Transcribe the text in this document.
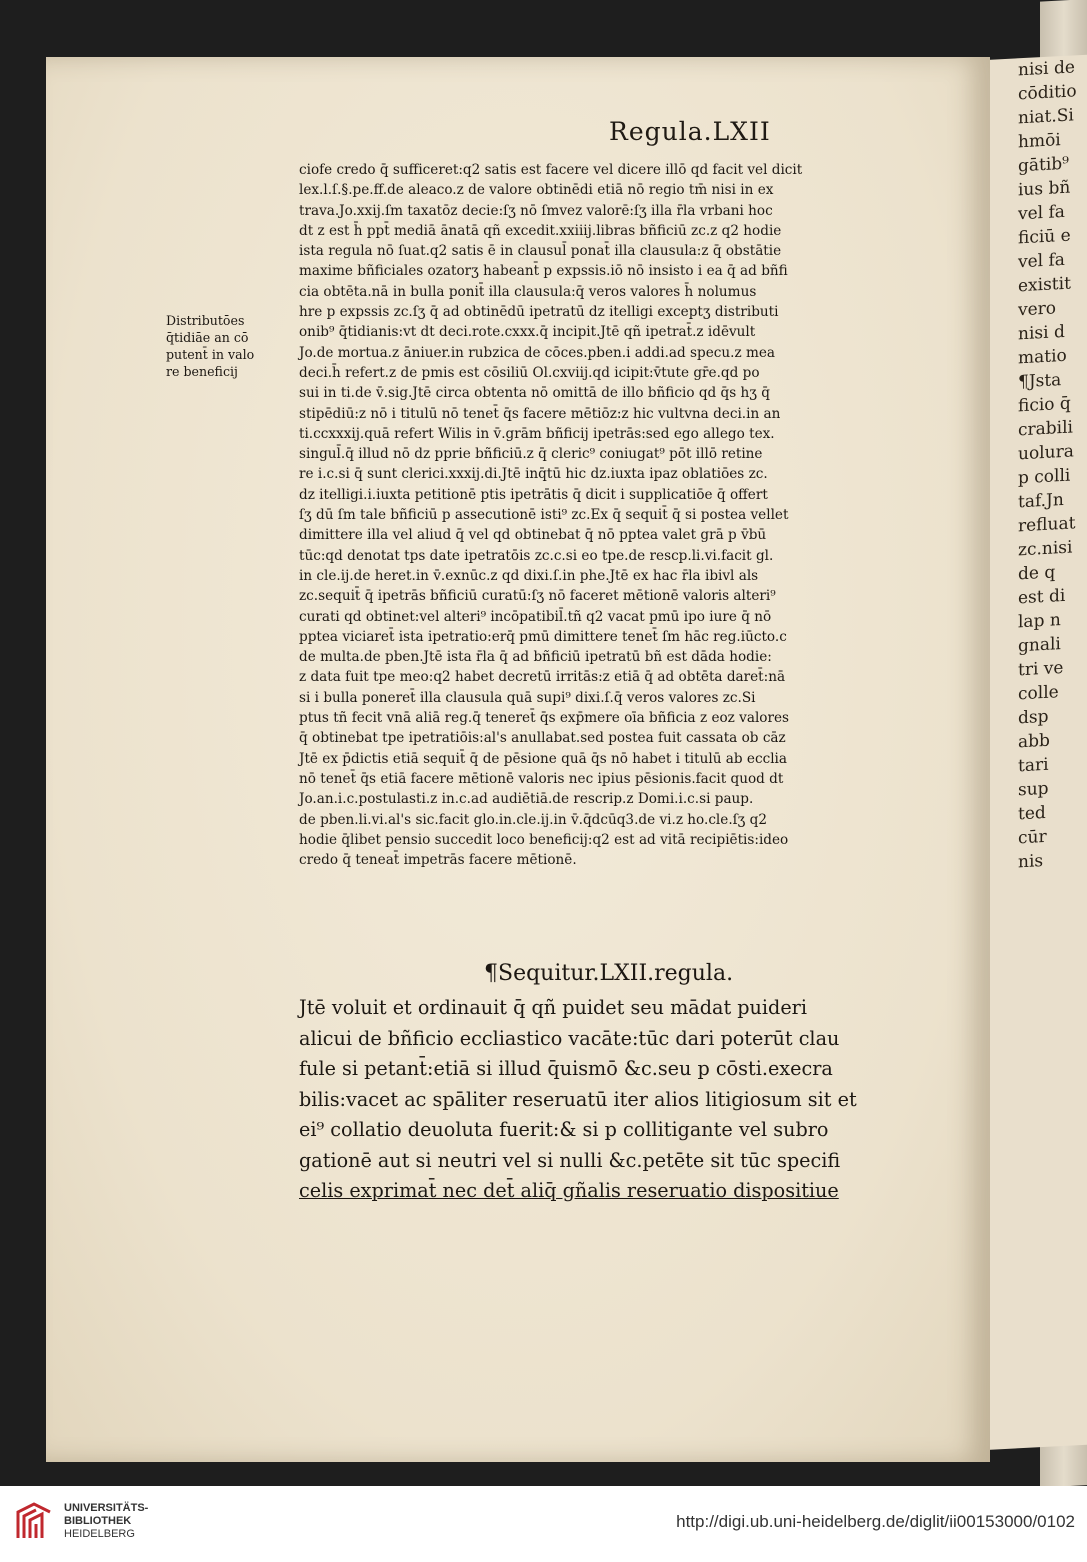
nisi de
cōditio
niat.Si
hmōi
gātib⁹
ius bñ
vel fa
ficiū e
vel fa
existit
vero
nisi d
matio
¶Jsta
ficio q̄
crabili
uolura
p colli
taf.Jn
refluat
zc.nisi
de q
est di
lap n
gnali
tri ve
colle
dsp
abb
tari
sup
ted
cūr
nis
Regula.LXII
Distributōes
q̄tidiāe an cō
putent̄ in valo
re beneficij
ciofe credo q̄ sufficeret:q2 satis est facere vel dicere illō qd facit vel dicit
lex.l.ſ.§.pe.ff.de aleaco.z de valore obtinēdi etiā nō regio tm̄ nisi in ex
trava.Jo.xxij.ſm taxatōz decie:ſʒ nō ſmvez valorē:ſʒ illa r̄la vrbani hoc
dt z est h̄ ppt̄ mediā ānatā qñ excedit.xxiiij.libras bñficiū zc.z q2 hodie
ista regula nō ſuat.q2 satis ē in clausul̄ ponat̄ illa clausula:z q̄ obstātie
maxime bñficiales ozatorʒ habeant̄ p expssis.iō nō insisto i ea q̄ ad bñfi
cia obtēta.nā in bulla ponit̄ illa clausula:q̄ veros valores h̄ nolumus
hre p expssis zc.ſʒ q̄ ad obtinēdū ipetratū dz itelligi exceptʒ distributi
onib⁹ q̄tidianis:vt dt deci.rote.cxxx.q̄ incipit.Jtē qñ ipetrat̄.z idēvult
Jo.de mortua.z āniuer.in rubzica de cōces.pben.i addi.ad specu.z mea
deci.h̄ refert.z de pmis est cōsiliū Ol.cxviij.qd icipit:v̄tute gr̄e.qd po
sui in ti.de v̄.sig.Jtē circa obtenta nō omittā de illo bñficio qd q̄s hʒ q̄
stipēdiū:z nō i titulū nō tenet̄ q̄s facere mētiōz:z hic vultvna deci.in an
ti.ccxxxij.quā refert Wilis in v̄.grām bñficij ipetrās:sed ego allego tex.
singul̄.q̄ illud nō dz pprie bñficiū.z q̄ cleric⁹ coniugat⁹ pōt illō retine
re i.c.si q̄ sunt clerici.xxxij.di.Jtē inq̄tū hic dz.iuxta ipaz oblatiōes zc.
dz itelligi.i.iuxta petitionē ptis ipetrātis q̄ dicit i supplicatiōe q̄ offert
ſʒ dū ſm tale bñficiū p assecutionē isti⁹ zc.Ex q̄ sequit̄ q̄ si postea vellet
dimittere illa vel aliud q̄ vel qd obtinebat q̄ nō pptea valet grā p v̄bū
tūc:qd denotat tps date ipetratōis zc.c.si eo tpe.de rescp.li.vi.facit gl.
in cle.ij.de heret.in v̄.exnūc.z qd dixi.ſ.in phe.Jtē ex hac r̄la ibivl als
zc.sequit̄ q̄ ipetrās bñficiū curatū:ſʒ nō faceret mētionē valoris alteri⁹
curati qd obtinet:vel alteri⁹ incōpatibil̄.tñ q2 vacat pmū ipo iure q̄ nō
pptea viciaret̄ ista ipetratio:erq̄ pmū dimittere tenet̄ ſm hāc reg.iūcto.c
de multa.de pben.Jtē ista r̄la q̄ ad bñficiū ipetratū bñ est dāda hodie:
z data fuit tpe meo:q2 habet decretū irritās:z etiā q̄ ad obtēta daret̄:nā
si i bulla poneret̄ illa clausula quā supi⁹ dixi.ſ.q̄ veros valores zc.Si
ptus tñ fecit vnā aliā reg.q̄ teneret̄ q̄s exp̄mere oīa bñficia z eoz valores
q̄ obtinebat tpe ipetratiōis:al's anullabat.sed postea fuit cassata ob cāz
Jtē ex p̄dictis etiā sequit̄ q̄ de pēsione quā q̄s nō habet i titulū ab ecclia
nō tenet̄ q̄s etiā facere mētionē valoris nec ipius pēsionis.facit quod dt
Jo.an.i.c.postulasti.z in.c.ad audiētiā.de rescrip.z Domi.i.c.si paup.
de pben.li.vi.al's sic.facit glo.in.cle.ij.in v̄.q̄dcūq3.de vi.z ho.cle.ſʒ q2
hodie q̄libet pensio succedit loco beneficij:q2 est ad vitā recipiētis:ideo
credo q̄ teneat̄ impetrās facere mētionē.
¶Sequitur.LXII.regula.
Jtē voluit et ordinauit q̄ qñ puidet seu mādat puideri
alicui de bñficio eccliastico vacāte:tūc dari poterūt clau
fule si petant̄:etiā si illud q̄uismō &c.seu p cōsti.execra
bilis:vacet ac spāliter reseruatū iter alios litigiosum sit et
ei⁹ collatio deuoluta fuerit:& si p collitigante vel subro
gationē aut si neutri vel si nulli &c.petēte sit tūc specifi
celis exprimat̄ nec det̄ aliq̄ gñalis reseruatio dispositiue
UNIVERSITÄTS-
BIBLIOTHEK
HEIDELBERG
http://digi.ub.uni-heidelberg.de/diglit/ii00153000/0102
